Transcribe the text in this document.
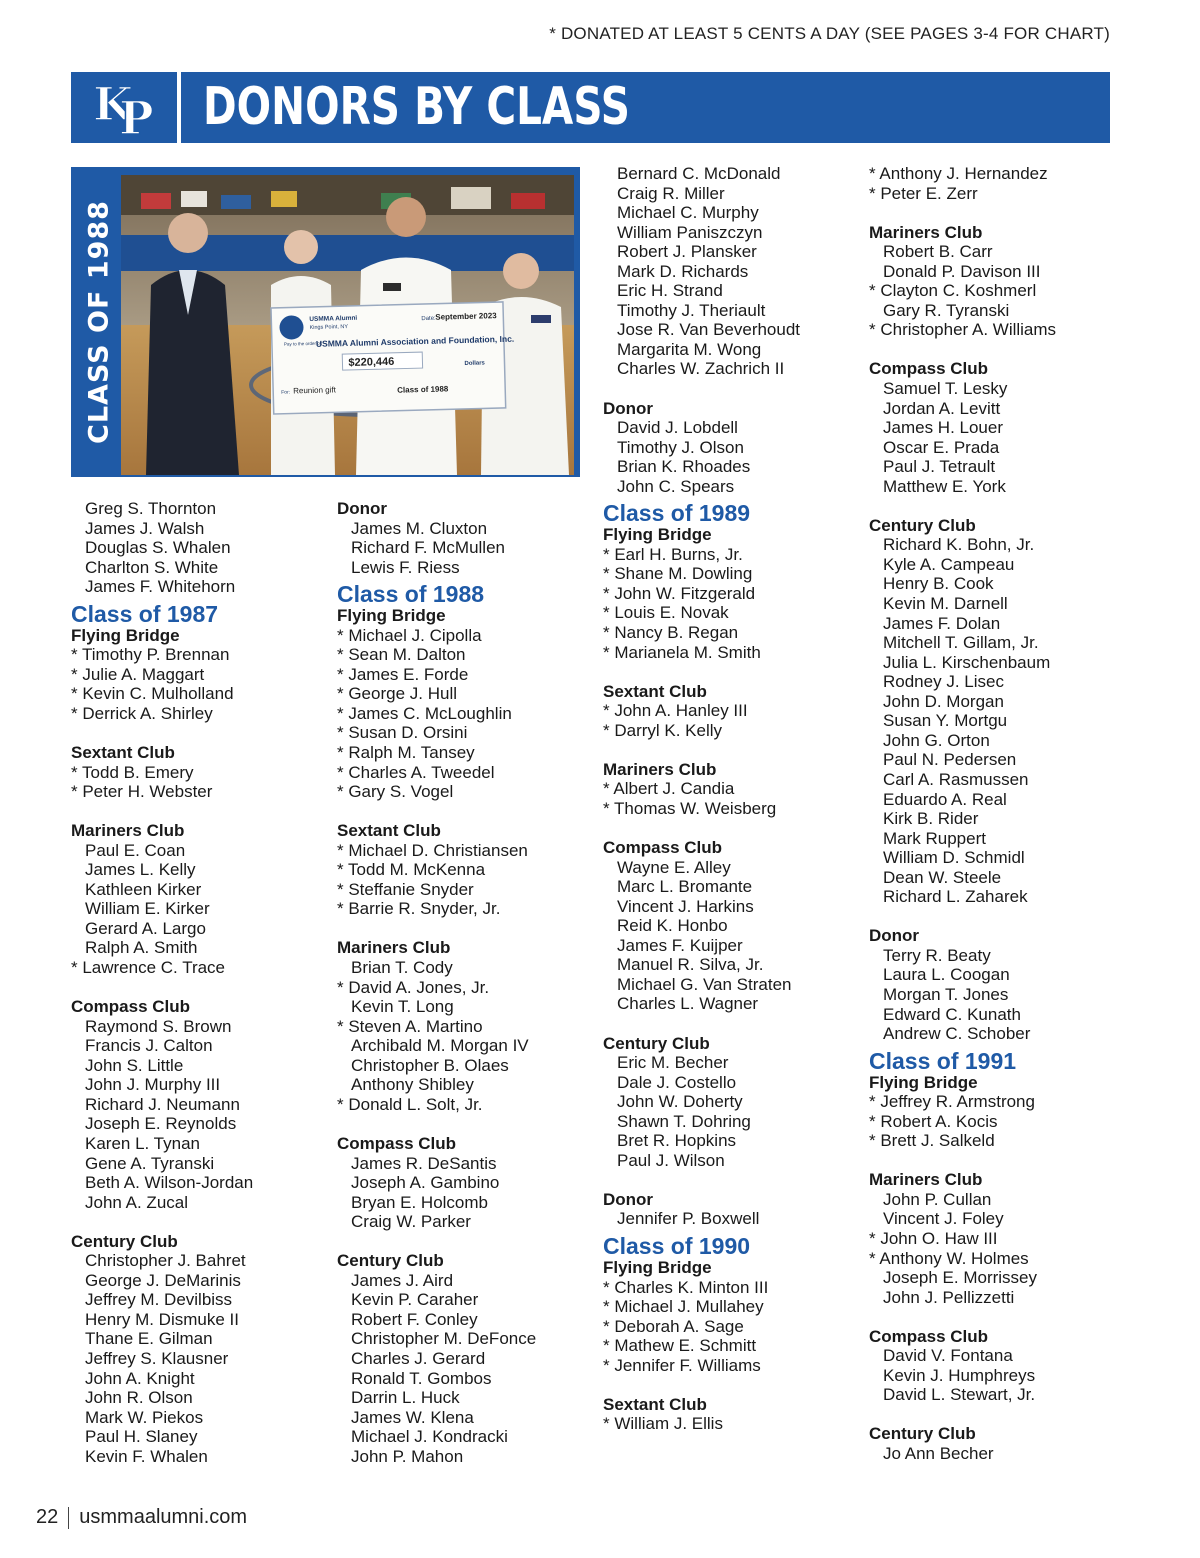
* DONATED AT LEAST 5 CENTS A DAY (SEE PAGES 3-4 FOR CHART)
K
P DONORS BY CLASS
CLASS OF 1988	USMMA Alumni
Kings Point, NY
Date: September 2023
Pay to the order of:
USMMA Alumni Association and Foundation, Inc.
$220,446	Dollars
For: Reunion gift	Class of 1988
Greg S. Thornton
James J. Walsh
Douglas S. Whalen
Charlton S. White
James F. Whitehorn
Class of 1987
Flying Bridge
* Timothy P. Brennan
* Julie A. Maggart
* Kevin C. Mulholland
* Derrick A. Shirley
Sextant Club
* Todd B. Emery
* Peter H. Webster
Mariners Club
Paul E. Coan
James L. Kelly
Kathleen Kirker
William E. Kirker
Gerard A. Largo
Ralph A. Smith
* Lawrence C. Trace
Compass Club
Raymond S. Brown
Francis J. Calton
John S. Little
John J. Murphy III
Richard J. Neumann
Joseph E. Reynolds
Karen L. Tynan
Gene A. Tyranski
Beth A. Wilson-Jordan
John A. Zucal
Century Club
Christopher J. Bahret
George J. DeMarinis
Jeffrey M. Devilbiss
Henry M. Dismuke II
Thane E. Gilman
Jeffrey S. Klausner
John A. Knight
John R. Olson
Mark W. Piekos
Paul H. Slaney
Kevin F. Whalen
Donor
James M. Cluxton
Richard F. McMullen
Lewis F. Riess
Class of 1988
Flying Bridge
* Michael J. Cipolla
* Sean M. Dalton
* James E. Forde
* George J. Hull
* James C. McLoughlin
* Susan D. Orsini
* Ralph M. Tansey
* Charles A. Tweedel
* Gary S. Vogel
Sextant Club
* Michael D. Christiansen
* Todd M. McKenna
* Steffanie Snyder
* Barrie R. Snyder, Jr.
Mariners Club
Brian T. Cody
* David A. Jones, Jr.
Kevin T. Long
* Steven A. Martino
Archibald M. Morgan IV
Christopher B. Olaes
Anthony Shibley
* Donald L. Solt, Jr.
Compass Club
James R. DeSantis
Joseph A. Gambino
Bryan E. Holcomb
Craig W. Parker
Century Club
James J. Aird
Kevin P. Caraher
Robert F. Conley
Christopher M. DeFonce
Charles J. Gerard
Ronald T. Gombos
Darrin L. Huck
James W. Klena
Michael J. Kondracki
John P. Mahon
Bernard C. McDonald
Craig R. Miller
Michael C. Murphy
William Paniszczyn
Robert J. Plansker
Mark D. Richards
Eric H. Strand
Timothy J. Theriault
Jose R. Van Beverhoudt
Margarita M. Wong
Charles W. Zachrich II
Donor
David J. Lobdell
Timothy J. Olson
Brian K. Rhoades
John C. Spears
Class of 1989
Flying Bridge
* Earl H. Burns, Jr.
* Shane M. Dowling
* John W. Fitzgerald
* Louis E. Novak
* Nancy B. Regan
* Marianela M. Smith
Sextant Club
* John A. Hanley III
* Darryl K. Kelly
Mariners Club
* Albert J. Candia
* Thomas W. Weisberg
Compass Club
Wayne E. Alley
Marc L. Bromante
Vincent J. Harkins
Reid K. Honbo
James F. Kuijper
Manuel R. Silva, Jr.
Michael G. Van Straten
Charles L. Wagner
Century Club
Eric M. Becher
Dale J. Costello
John W. Doherty
Shawn T. Dohring
Bret R. Hopkins
Paul J. Wilson
Donor
Jennifer P. Boxwell
Class of 1990
Flying Bridge
* Charles K. Minton III
* Michael J. Mullahey
* Deborah A. Sage
* Mathew E. Schmitt
* Jennifer F. Williams
Sextant Club
* William J. Ellis
* Anthony J. Hernandez
* Peter E. Zerr
Mariners Club
Robert B. Carr
Donald P. Davison III
* Clayton C. Koshmerl
Gary R. Tyranski
* Christopher A. Williams
Compass Club
Samuel T. Lesky
Jordan A. Levitt
James H. Louer
Oscar E. Prada
Paul J. Tetrault
Matthew E. York
Century Club
Richard K. Bohn, Jr.
Kyle A. Campeau
Henry B. Cook
Kevin M. Darnell
James F. Dolan
Mitchell T. Gillam, Jr.
Julia L. Kirschenbaum
Rodney J. Lisec
John D. Morgan
Susan Y. Mortgu
John G. Orton
Paul N. Pedersen
Carl A. Rasmussen
Eduardo A. Real
Kirk B. Rider
Mark Ruppert
William D. Schmidl
Dean W. Steele
Richard L. Zaharek
Donor
Terry R. Beaty
Laura L. Coogan
Morgan T. Jones
Edward C. Kunath
Andrew C. Schober
Class of 1991
Flying Bridge
* Jeffrey R. Armstrong
* Robert A. Kocis
* Brett J. Salkeld
Mariners Club
John P. Cullan
Vincent J. Foley
* John O. Haw III
* Anthony W. Holmes
Joseph E. Morrissey
John J. Pellizzetti
Compass Club
David V. Fontana
Kevin J. Humphreys
David L. Stewart, Jr.
Century Club
Jo Ann Becher
22 usmmaalumni.com
